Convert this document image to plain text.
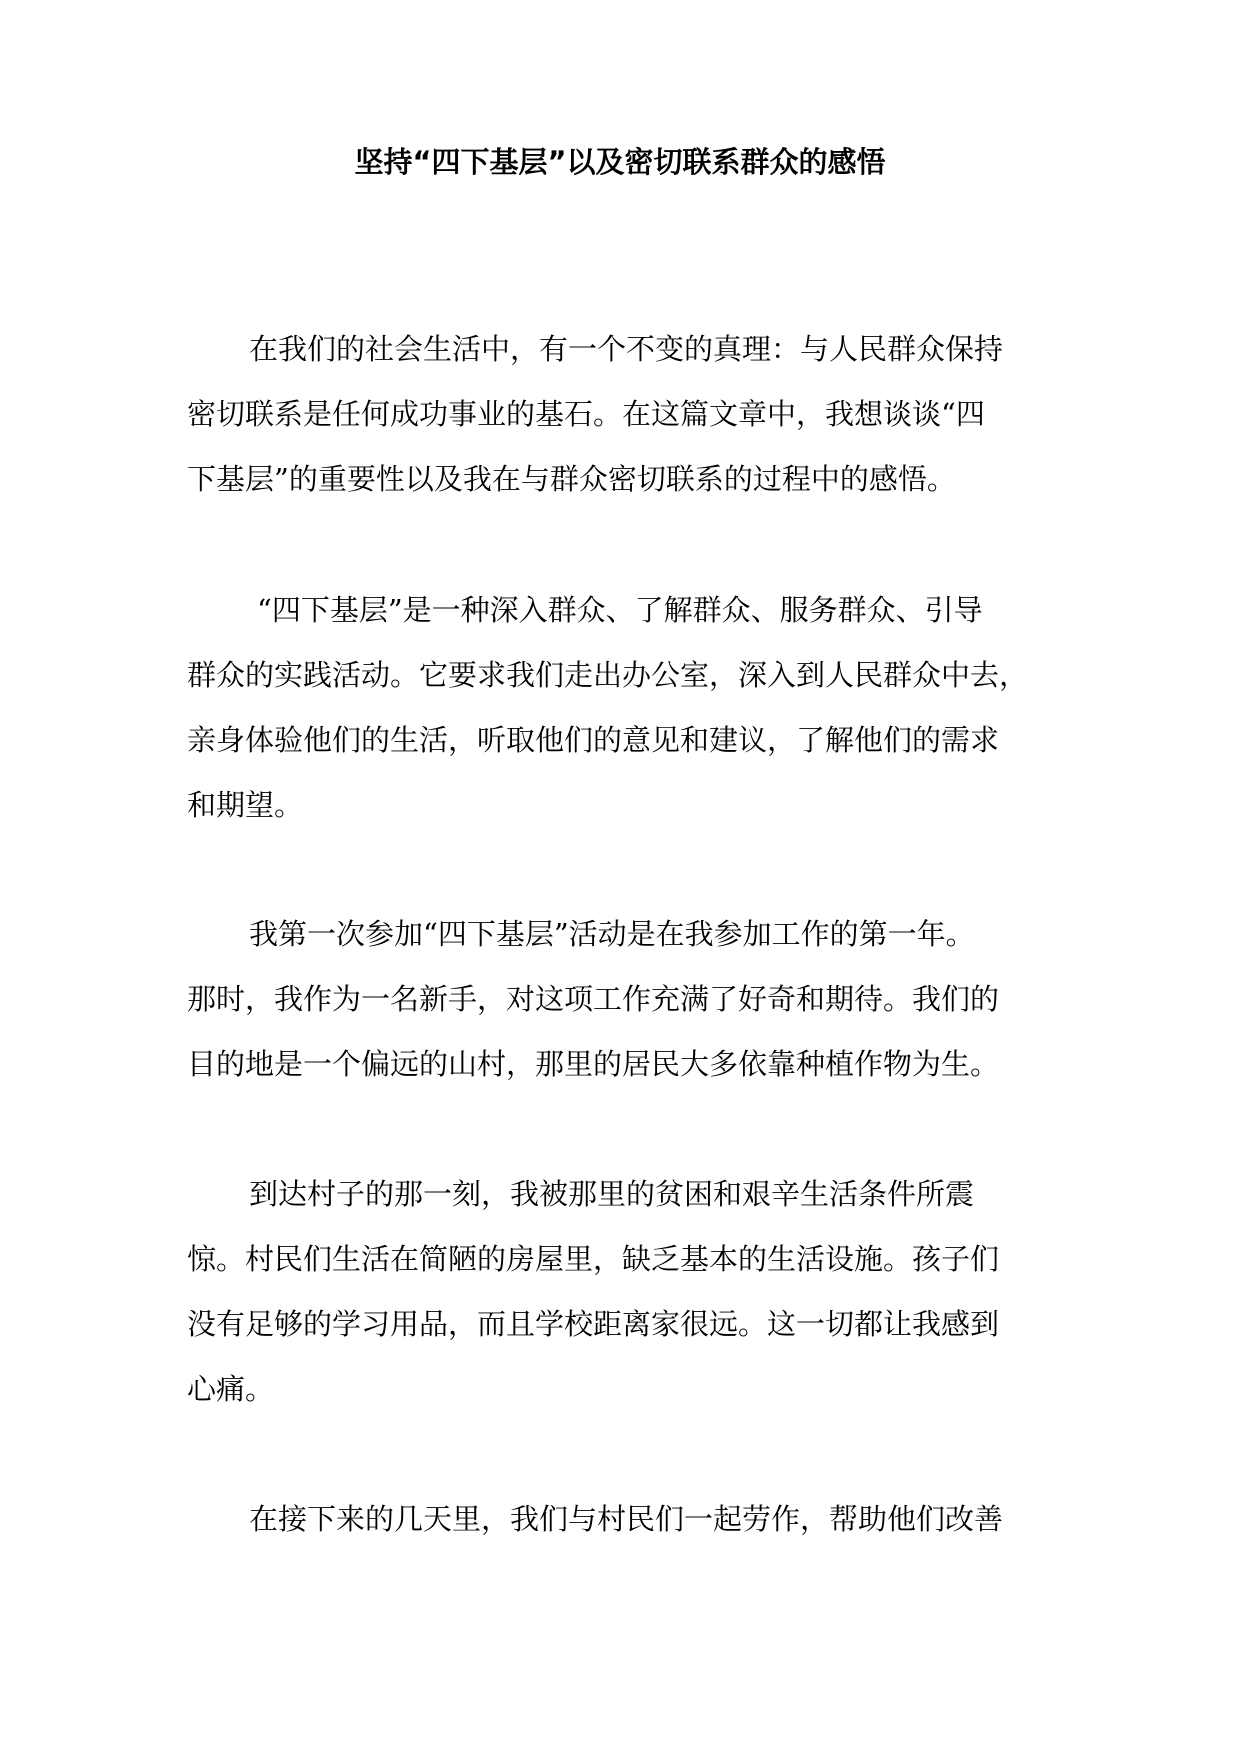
坚持“四下基层”以及密切联系群众的感悟
在我们的社会生活中，有一个不变的真理：与人民群众保持
密切联系是任何成功事业的基石。在这篇文章中，我想谈谈“四
下基层”的重要性以及我在与群众密切联系的过程中的感悟。
“四下基层”是一种深入群众、了解群众、服务群众、引导
群众的实践活动。它要求我们走出办公室，深入到人民群众中去，
亲身体验他们的生活，听取他们的意见和建议，了解他们的需求
和期望。
我第一次参加“四下基层”活动是在我参加工作的第一年。
那时，我作为一名新手，对这项工作充满了好奇和期待。我们的
目的地是一个偏远的山村，那里的居民大多依靠种植作物为生。
到达村子的那一刻，我被那里的贫困和艰辛生活条件所震
惊。村民们生活在简陋的房屋里，缺乏基本的生活设施。孩子们
没有足够的学习用品，而且学校距离家很远。这一切都让我感到
心痛。
在接下来的几天里，我们与村民们一起劳作，帮助他们改善
